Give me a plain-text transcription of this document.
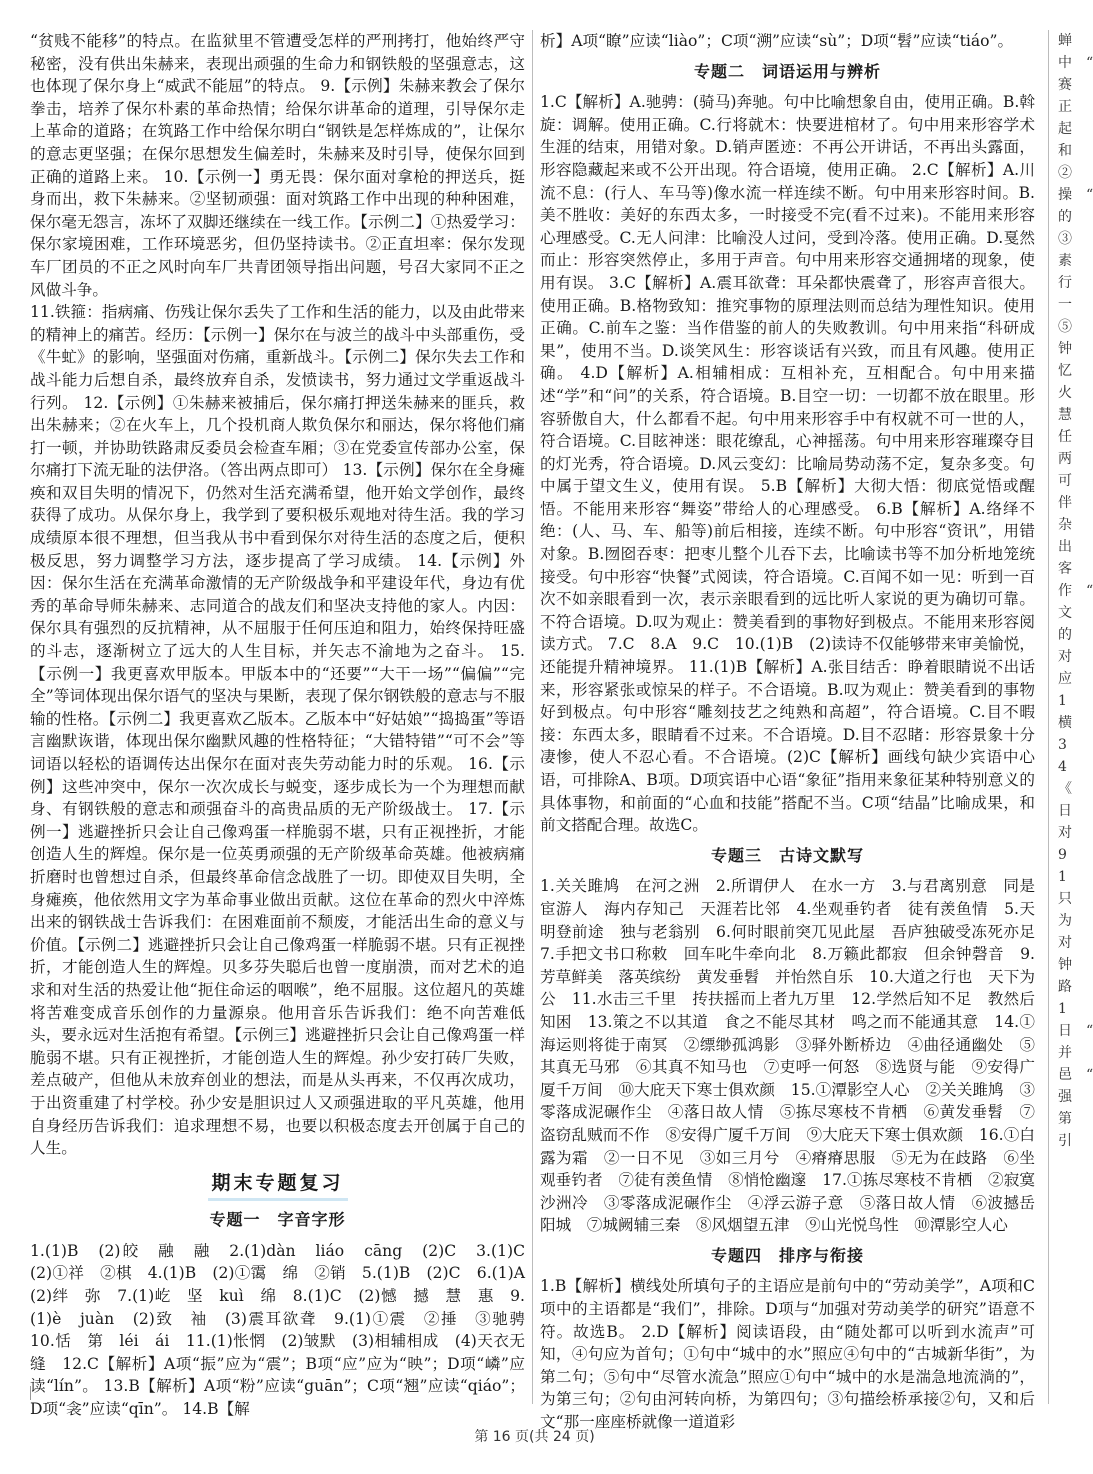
“贫贱不能移”的特点。在监狱里不管遭受怎样的严刑拷打，他始终严守秘密，没有供出朱赫来，表现出顽强的生命力和钢铁般的坚强意志，这也体现了保尔身上“威武不能屈”的特点。 9.【示例】朱赫来教会了保尔拳击，培养了保尔朴素的革命热情；给保尔讲革命的道理，引导保尔走上革命的道路；在筑路工作中给保尔明白“钢铁是怎样炼成的”，让保尔的意志更坚强；在保尔思想发生偏差时，朱赫来及时引导，使保尔回到正确的道路上来。 10.【示例一】勇无畏：保尔面对拿枪的押送兵，挺身而出，救下朱赫来。②坚韧顽强：面对筑路工作中出现的种种困难，保尔毫无怨言，冻坏了双脚还继续在一线工作。【示例二】①热爱学习：保尔家境困难，工作环境恶劣，但仍坚持读书。②正直坦率：保尔发现车厂团员的不正之风时向车厂共青团领导指出问题，号召大家同不正之风做斗争。

11.铁箍：指病痛、伤残让保尔丢失了工作和生活的能力，以及由此带来的精神上的痛苦。经历：【示例一】保尔在与波兰的战斗中头部重伤，受《牛虻》的影响，坚强面对伤痛，重新战斗。【示例二】保尔失去工作和战斗能力后想自杀，最终放弃自杀，发愤读书，努力通过文学重返战斗行列。 12.【示例】①朱赫来被捕后，保尔痛打押送朱赫来的匪兵，救出朱赫来；②在火车上，几个投机商人欺负保尔和丽达，保尔将他们痛打一顿，并协助铁路肃反委员会检查车厢；③在党委宣传部办公室，保尔痛打下流无耻的法伊洛。（答出两点即可） 13.【示例】保尔在全身瘫痪和双目失明的情况下，仍然对生活充满希望，他开始文学创作，最终获得了成功。从保尔身上，我学到了要积极乐观地对待生活。我的学习成绩原本很不理想，但当我从书中看到保尔对待生活的态度之后，便积极反思，努力调整学习方法，逐步提高了学习成绩。 14.【示例】外因：保尔生活在充满革命激情的无产阶级战争和平建设年代，身边有优秀的革命导师朱赫来、志同道合的战友们和坚决支持他的家人。内因：保尔具有强烈的反抗精神，从不屈服于任何压迫和阻力，始终保持旺盛的斗志，逐渐树立了远大的人生目标，并矢志不渝地为之奋斗。 15.【示例一】我更喜欢甲版本。甲版本中的“还要”“大干一场”“偏偏”“完全”等词体现出保尔语气的坚决与果断，表现了保尔钢铁般的意志与不服输的性格。【示例二】我更喜欢乙版本。乙版本中“好姑娘”“捣捣蛋”等语言幽默诙谐，体现出保尔幽默风趣的性格特征；“大错特错”“可不会”等词语以轻松的语调传达出保尔在面对丧失劳动能力时的乐观。 16.【示例】这些冲突中，保尔一次次成长与蜕变，逐步成长为一个为理想而献身、有钢铁般的意志和顽强奋斗的高贵品质的无产阶级战士。 17.【示例一】逃避挫折只会让自己像鸡蛋一样脆弱不堪，只有正视挫折，才能创造人生的辉煌。保尔是一位英勇顽强的无产阶级革命英雄。他被病痛折磨时也曾想过自杀，但最终革命信念战胜了一切。即使双目失明，全身瘫痪，他依然用文字为革命事业做出贡献。这位在革命的烈火中淬炼出来的钢铁战士告诉我们：在困难面前不颓废，才能活出生命的意义与价值。【示例二】逃避挫折只会让自己像鸡蛋一样脆弱不堪。只有正视挫折，才能创造人生的辉煌。贝多芬失聪后也曾一度崩溃，而对艺术的追求和对生活的热爱让他“扼住命运的咽喉”，绝不屈服。这位超凡的英雄将苦难变成音乐创作的力量源泉。他用音乐告诉我们：绝不向苦难低头，要永远对生活抱有希望。【示例三】逃避挫折只会让自己像鸡蛋一样脆弱不堪。只有正视挫折，才能创造人生的辉煌。孙少安打砖厂失败，差点破产，但他从未放弃创业的想法，而是从头再来，不仅再次成功，于出资重建了村学校。孙少安是胆识过人又顽强进取的平凡英雄，他用自身经历告诉我们：追求理想不易，也要以积极态度去开创属于自己的人生。

期末专题复习
专题一　字音字形

1.(1)B　(2)皎　融　融　2.(1)dàn　liáo　cāng　(2)C　3.(1)C　(2)①祥　②棋　4.(1)B　(2)①霭　绵　②销　5.(1)B　(2)C　6.(1)A　(2)绊　弥　7.(1)屹　坚　kuì　绵　8.(1)C　(2)憾　撼　慧　惠　9.(1)è　juàn　(2)致　袖　(3)震耳欲聋　9.(1)①震　②捶　③驰骋　10.恬　第　léi　ái　11.(1)怅惘　(2)皱默　(3)相辅相成　(4)天衣无缝　12.C【解析】A项“振”应为“震”；B项“应”应为“映”；D项“嶙”应读“lín”。 13.B【解析】A项“粉”应读“guān”；C项“翘”应读“qiáo”；D项“衾”应读“qīn”。 14.B【解

析】A项“瞭”应读“liào”；C项“溯”应读“sù”；D项“髫”应读“tiáo”。

专题二　词语运用与辨析

1.C【解析】A.驰骋：(骑马)奔驰。句中比喻想象自由，使用正确。B.斡旋：调解。使用正确。C.行将就木：快要进棺材了。句中用来形容学术生涯的结束，用错对象。D.销声匿迹：不再公开讲话，不再出头露面，形容隐藏起来或不公开出现。符合语境，使用正确。 2.C【解析】A.川流不息：(行人、车马等)像水流一样连续不断。句中用来形容时间。B.美不胜收：美好的东西太多，一时接受不完(看不过来)。不能用来形容心理感受。C.无人问津：比喻没人过问，受到冷落。使用正确。D.戛然而止：形容突然停止，多用于声音。句中用来形容交通拥堵的现象，使用有误。 3.C【解析】A.震耳欲聋：耳朵都快震聋了，形容声音很大。使用正确。B.格物致知：推究事物的原理法则而总结为理性知识。使用正确。C.前车之鉴：当作借鉴的前人的失败教训。句中用来指“科研成果”，使用不当。D.谈笑风生：形容谈话有兴致，而且有风趣。使用正确。 4.D【解析】A.相辅相成：互相补充，互相配合。句中用来描述“学”和“问”的关系，符合语境。B.目空一切：一切都不放在眼里。形容骄傲自大，什么都看不起。句中用来形容手中有权就不可一世的人，符合语境。C.目眩神迷：眼花缭乱，心神摇荡。句中用来形容璀璨夺目的灯光秀，符合语境。D.风云变幻：比喻局势动荡不定，复杂多变。句中属于望文生义，使用有误。 5.B【解析】大彻大悟：彻底觉悟或醒悟。不能用来形容“舞姿”带给人的心理感受。 6.B【解析】A.络绎不绝：(人、马、车、船等)前后相接，连续不断。句中形容“资讯”，用错对象。B.囫囵吞枣：把枣儿整个儿吞下去，比喻读书等不加分析地笼统接受。句中形容“快餐”式阅读，符合语境。C.百闻不如一见：听到一百次不如亲眼看到一次，表示亲眼看到的远比听人家说的更为确切可靠。不符合语境。D.叹为观止：赞美看到的事物好到极点。不能用来形容阅读方式。 7.C　8.A　9.C　10.(1)B　(2)读诗不仅能够带来审美愉悦，还能提升精神境界。 11.(1)B【解析】A.张目结舌：睁着眼睛说不出话来，形容紧张或惊呆的样子。不合语境。B.叹为观止：赞美看到的事物好到极点。句中形容“雕刻技艺之纯熟和高超”，符合语境。C.目不暇接：东西太多，眼睛看不过来。不合语境。D.目不忍睹：形容景象十分凄惨，使人不忍心看。不合语境。(2)C【解析】画线句缺少宾语中心语，可排除A、B项。D项宾语中心语“象征”指用来象征某种特别意义的具体事物，和前面的“心血和技能”搭配不当。C项“结晶”比喻成果，和前文搭配合理。故选C。

专题三　古诗文默写

1.关关雎鸠　在河之洲　2.所谓伊人　在水一方　3.与君离别意　同是宦游人　海内存知己　天涯若比邻　4.坐观垂钓者　徒有羡鱼情　5.天明登前途　独与老翁别　6.何时眼前突兀见此屋　吾庐独破受冻死亦足　7.手把文书口称敕　回车叱牛牵向北　8.万籁此都寂　但余钟磬音　9.芳草鲜美　落英缤纷　黄发垂髫　并怡然自乐　10.大道之行也　天下为公　11.水击三千里　抟扶摇而上者九万里　12.学然后知不足　教然后知困　13.策之不以其道　食之不能尽其材　鸣之而不能通其意　14.①海运则将徙于南冥　②缥缈孤鸿影　③驿外断桥边　④曲径通幽处　⑤其真无马邪　⑥其真不知马也　⑦吏呼一何怒　⑧选贤与能　⑨安得广厦千万间　⑩大庇天下寒士俱欢颜　15.①潭影空人心　②关关雎鸠　③零落成泥碾作尘　④落日故人情　⑤拣尽寒枝不肯栖　⑥黄发垂髫　⑦盗窃乱贼而不作　⑧安得广厦千万间　⑨大庇天下寒士俱欢颜　16.①白露为霜　②一日不见　③如三月兮　④瘠瘠思服　⑤无为在歧路　⑥坐观垂钓者　⑦徒有羡鱼情　⑧悄怆幽邃　17.①拣尽寒枝不肯栖　②寂寞沙洲冷　③零落成泥碾作尘　④浮云游子意　⑤落日故人情　⑥波撼岳阳城　⑦城阙辅三秦　⑧风烟望五津　⑨山光悦鸟性　⑩潭影空人心

专题四　排序与衔接

1.B【解析】横线处所填句子的主语应是前句中的“劳动美学”，A项和C项中的主语都是“我们”，排除。D项与“加强对劳动美学的研究”语意不符。故选B。 2.D【解析】阅读语段，由“随处都可以听到水流声”可知，④句应为首句；①句中“城中的水”照应④句中的“古城新华街”，为第二句；⑤句中“尽管水流急”照应①句中“城中的水是湍急地流淌的”，为第三句；②句由河转向桥，为第四句；③句描绘桥承接②句，又和后文“那一座座桥就像一道道彩

蝉　中　“　赛　正　起　和　②　操　“　的　③　素　行　一　⑤　钟　忆　火　慧　任　两　可　伴　杂　出　客　作　“　文　的　对　应　1　横　3　4　《　日　对　9　1　只　为　对　钟　路　1　日　“　并　邑　“　强　第　引
第 16 页(共 24 页)
